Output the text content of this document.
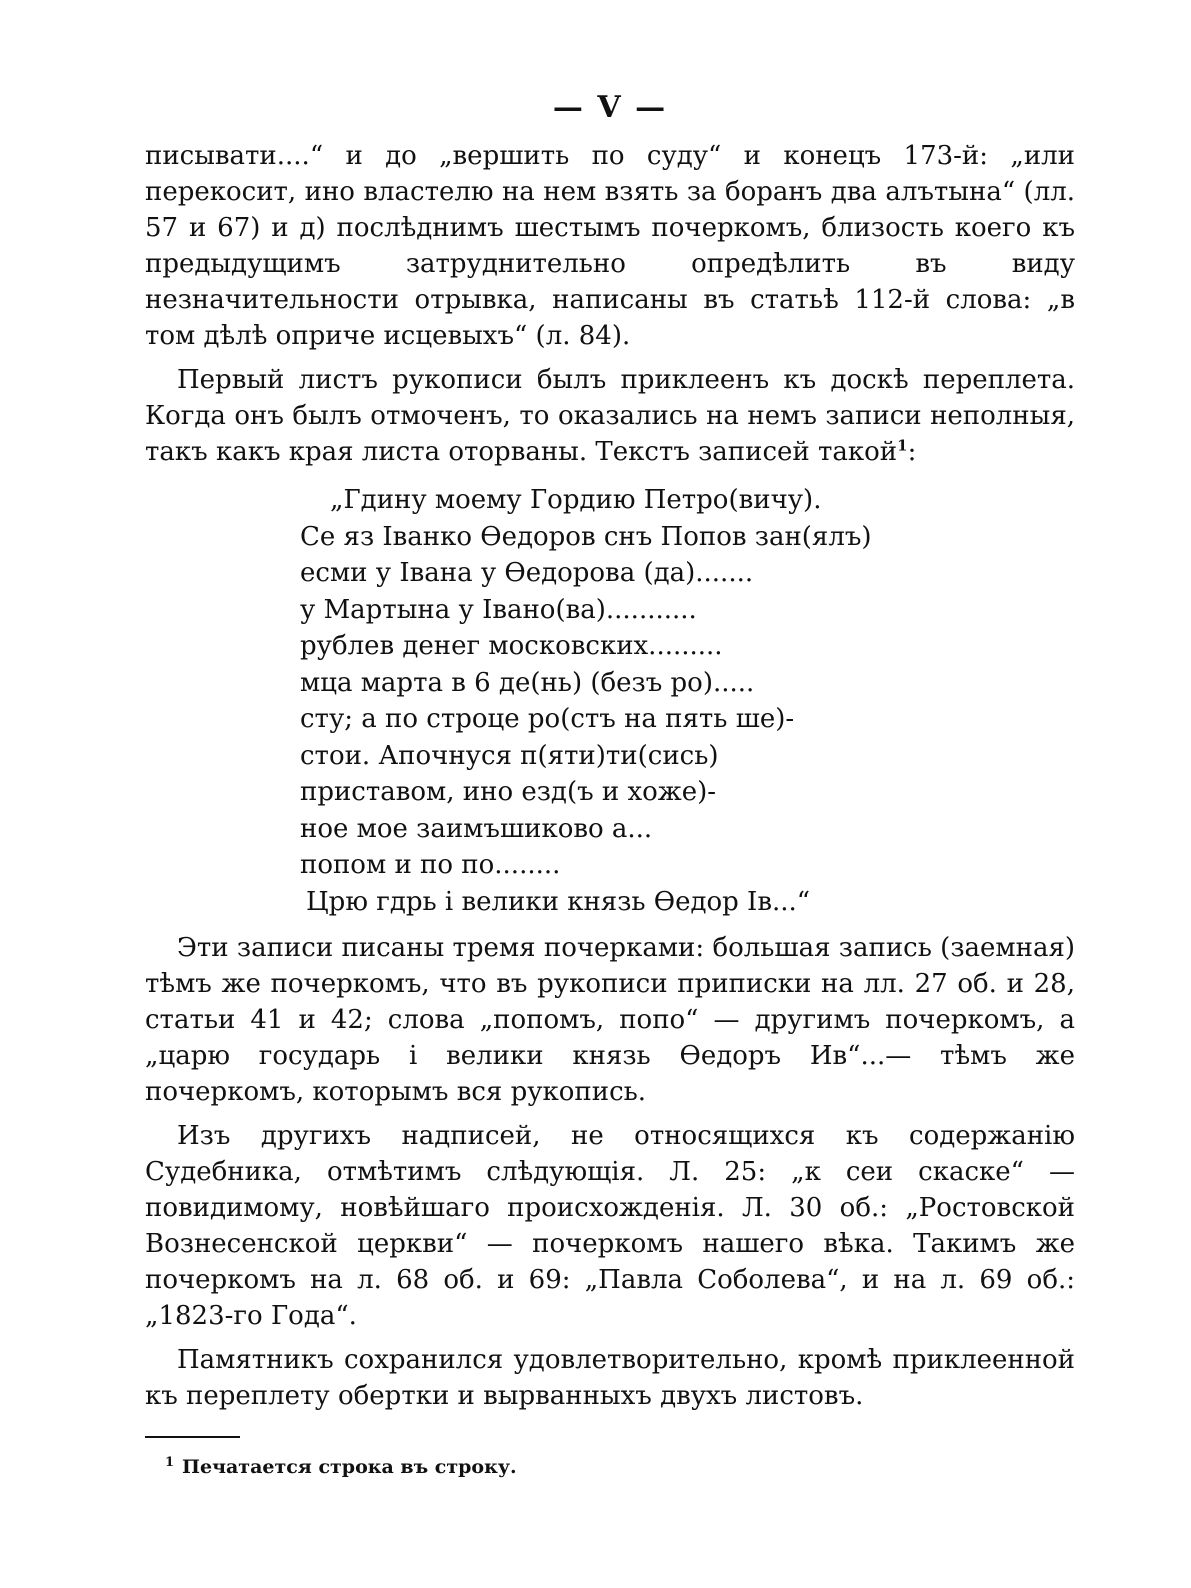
— V —

писывати....“ и до „вершить по суду“ и конецъ 173-й: „или перекосит, ино властелю на нем взять за боранъ два алътына“ (лл. 57 и 67) и д) послѣднимъ шестымъ почеркомъ, близость коего къ предыдущимъ затруднительно опредѣлить въ виду незначительности отрывка, написаны въ статьѣ 112-й слова: „в том дѣлѣ опричe исцевыхъ“ (л. 84).

Первый листъ рукописи былъ приклеенъ къ доскѣ переплета. Когда онъ былъ отмоченъ, то оказались на немъ записи неполныя, такъ какъ края листа оторваны. Текстъ записей такой$^1$:

„Гдину моему Гордию Петро(вичу).
Се яз Іванко Өедоров снъ Попов зан(ялъ)
есми у Івана у Өедорова (да).......
у Мартына у Івано(ва)...........
рублев денег московских.........
мца марта в 6 де(нь) (безъ ро).....
сту; а по строце ро(стъ на пять ше)-
стои. Апочнуся п(яти)ти(сись)
приставом, ино езд(ъ и хоже)-
ное мое заимъшиково а...
попом и по по........
Црю гдрь і велики князь Өедор Ів...“

Эти записи писаны тремя почерками: большая запись (заемная) тѣмъ же почеркомъ, что въ рукописи приписки на лл. 27 об. и 28, статьи 41 и 42; слова „попомъ, попо“ — другимъ почеркомъ, а „царю государь і велики князь Өедоръ Ив“...— тѣмъ же почеркомъ, которымъ вся рукопись.

Изъ другихъ надписей, не относящихся къ содержанію Судебника, отмѣтимъ слѣдующія. Л. 25: „к сеи скаске“ — повидимому, новѣйшаго происхожденія. Л. 30 об.: „Ростовской Вознесенской церкви“ — почеркомъ нашего вѣка. Такимъ же почеркомъ на л. 68 об. и 69: „Павла Соболева“, и на л. 69 об.: „1823-го Года“.

Памятникъ сохранился удовлетворительно, кромѣ приклеенной къ переплету обертки и вырванныхъ двухъ листовъ.

$^1$ Печатается строка въ строку.
